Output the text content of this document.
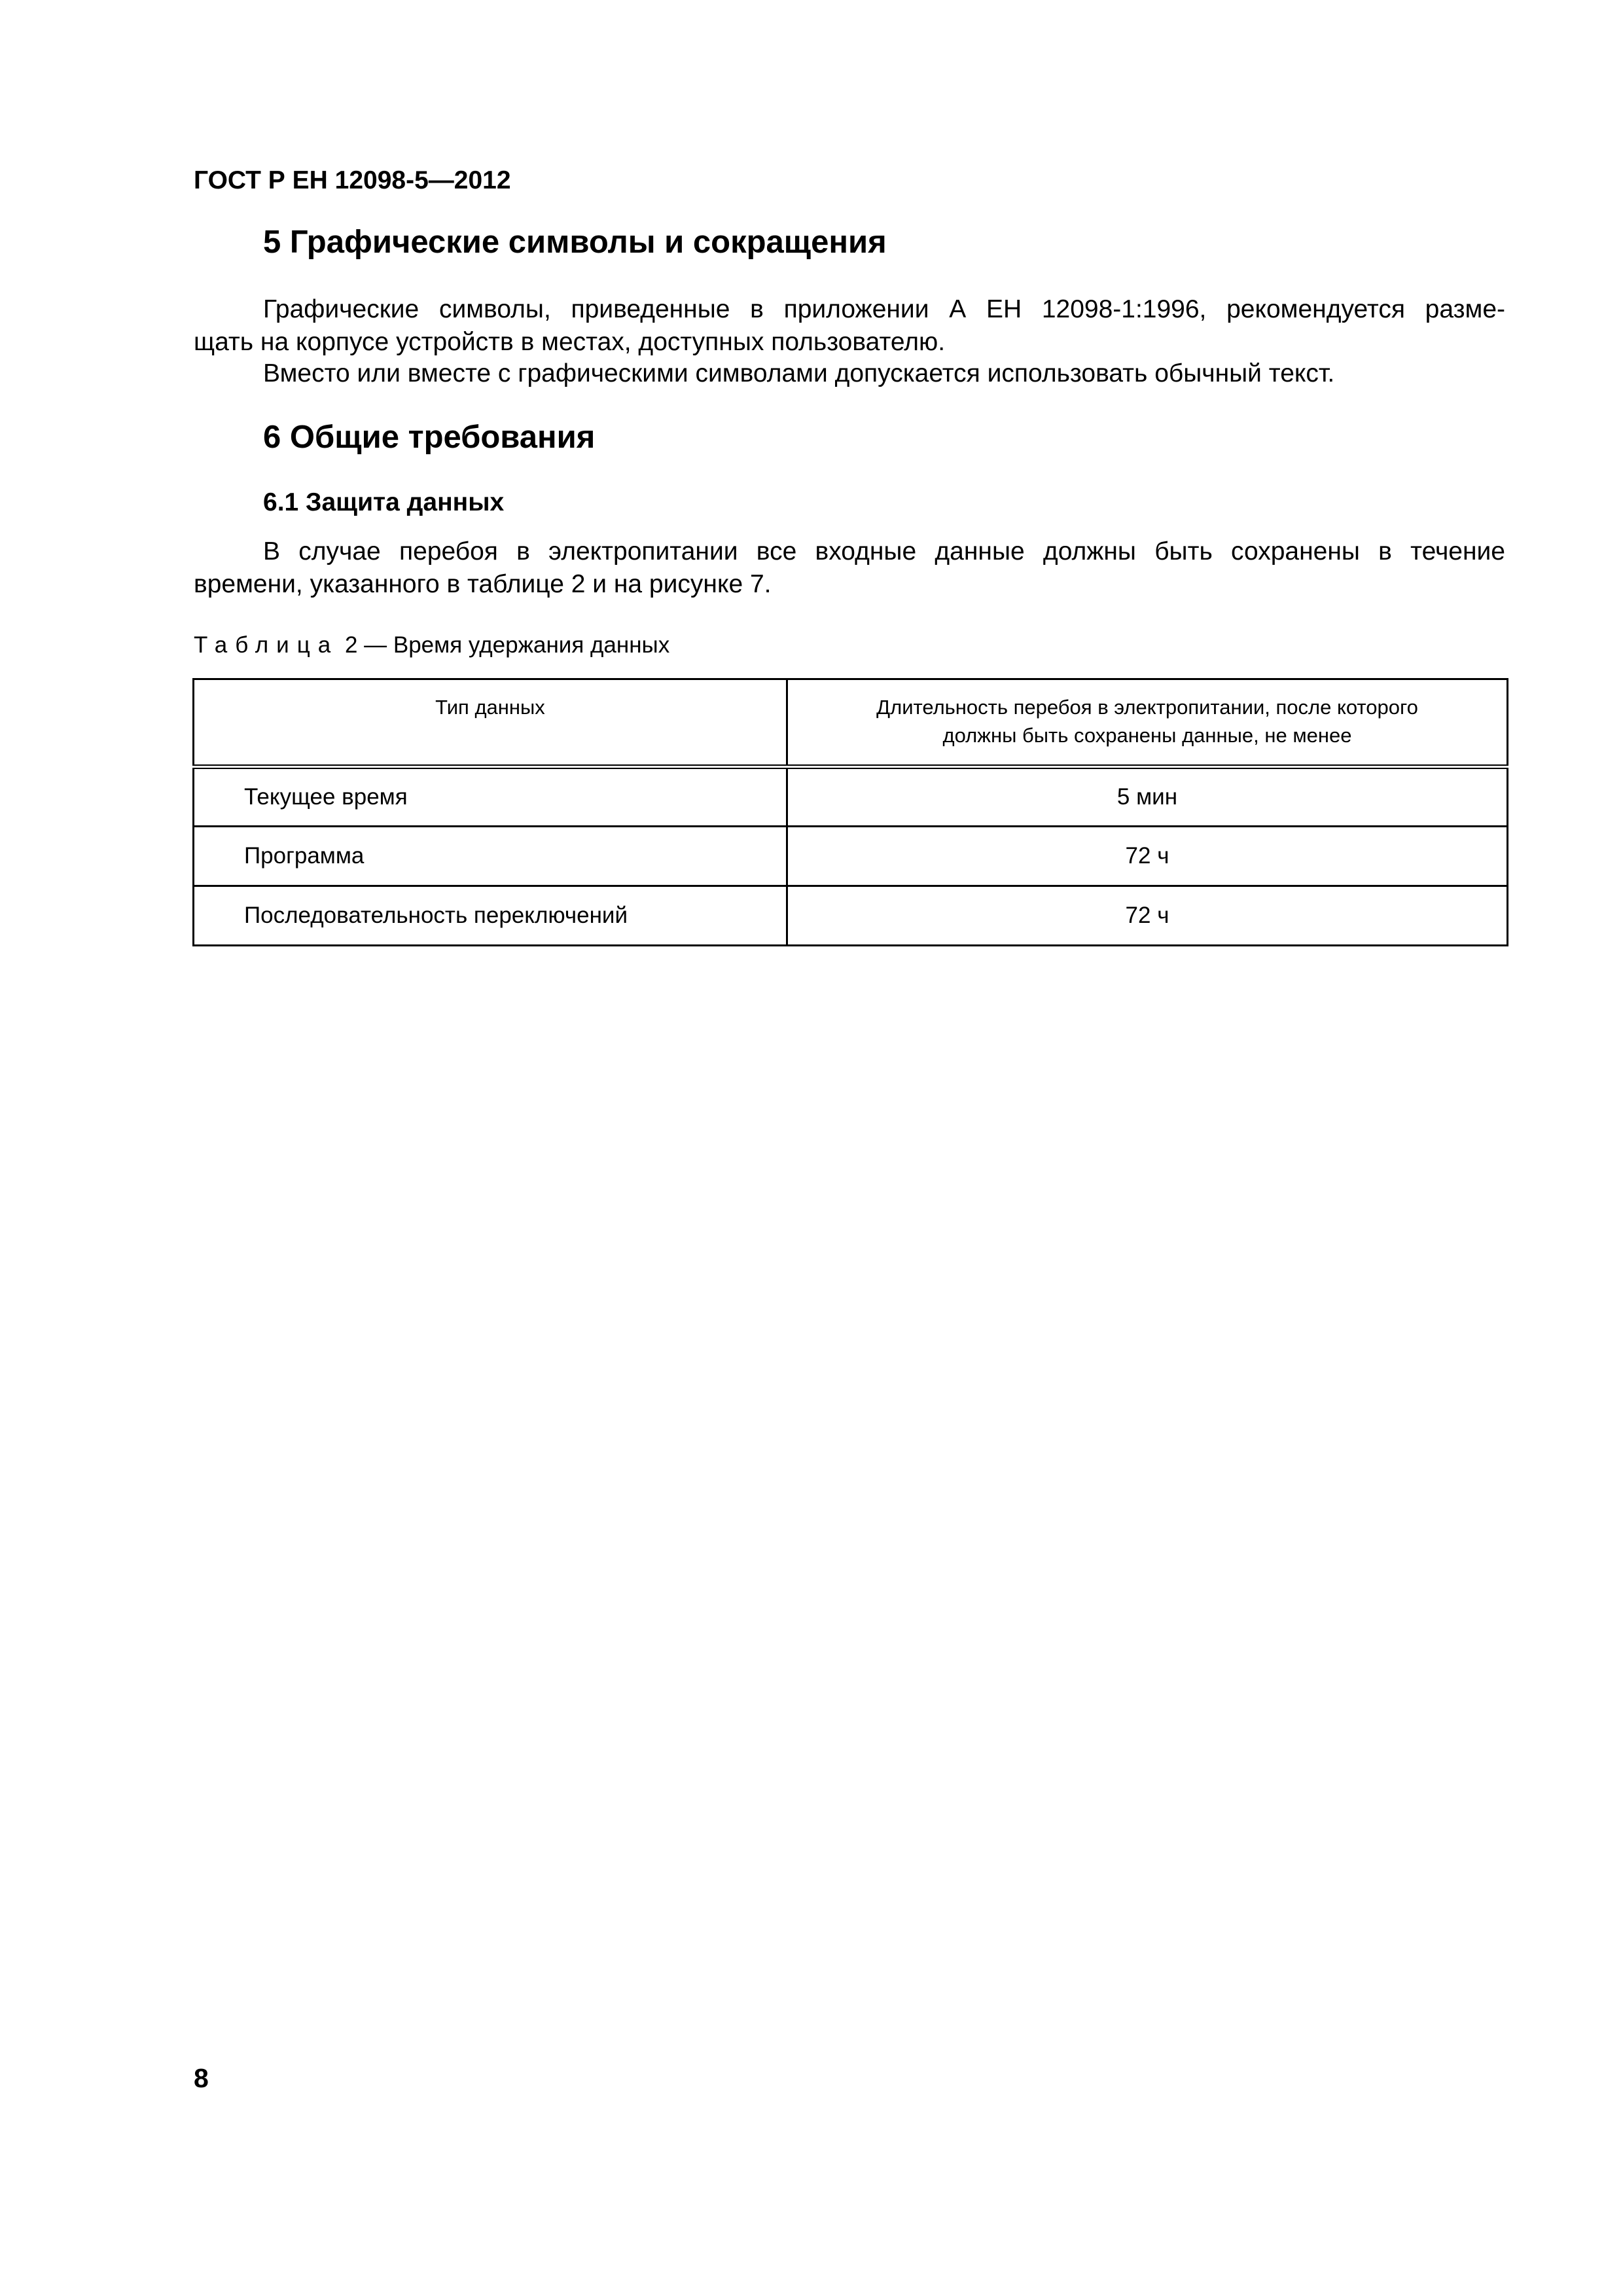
ГОСТ Р ЕН 12098-5—2012
5 Графические символы и сокращения
Графические символы, приведенные в приложении А ЕН 12098-1:1996, рекомендуется разме-
щать на корпусе устройств в местах, доступных пользователю.
Вместо или вместе с графическими символами допускается использовать обычный текст.
6 Общие требования
6.1 Защита данных
В случае перебоя в электропитании все входные данные должны быть сохранены в течение
времени, указанного в таблице 2 и на рисунке 7.
Таблица 2 — Время удержания данных
Тип данных	Длительность перебоя в электропитании, после которого
должны быть сохранены данные, не менее
Текущее время	5 мин
Программа	72 ч
Последовательность переключений	72 ч
8
